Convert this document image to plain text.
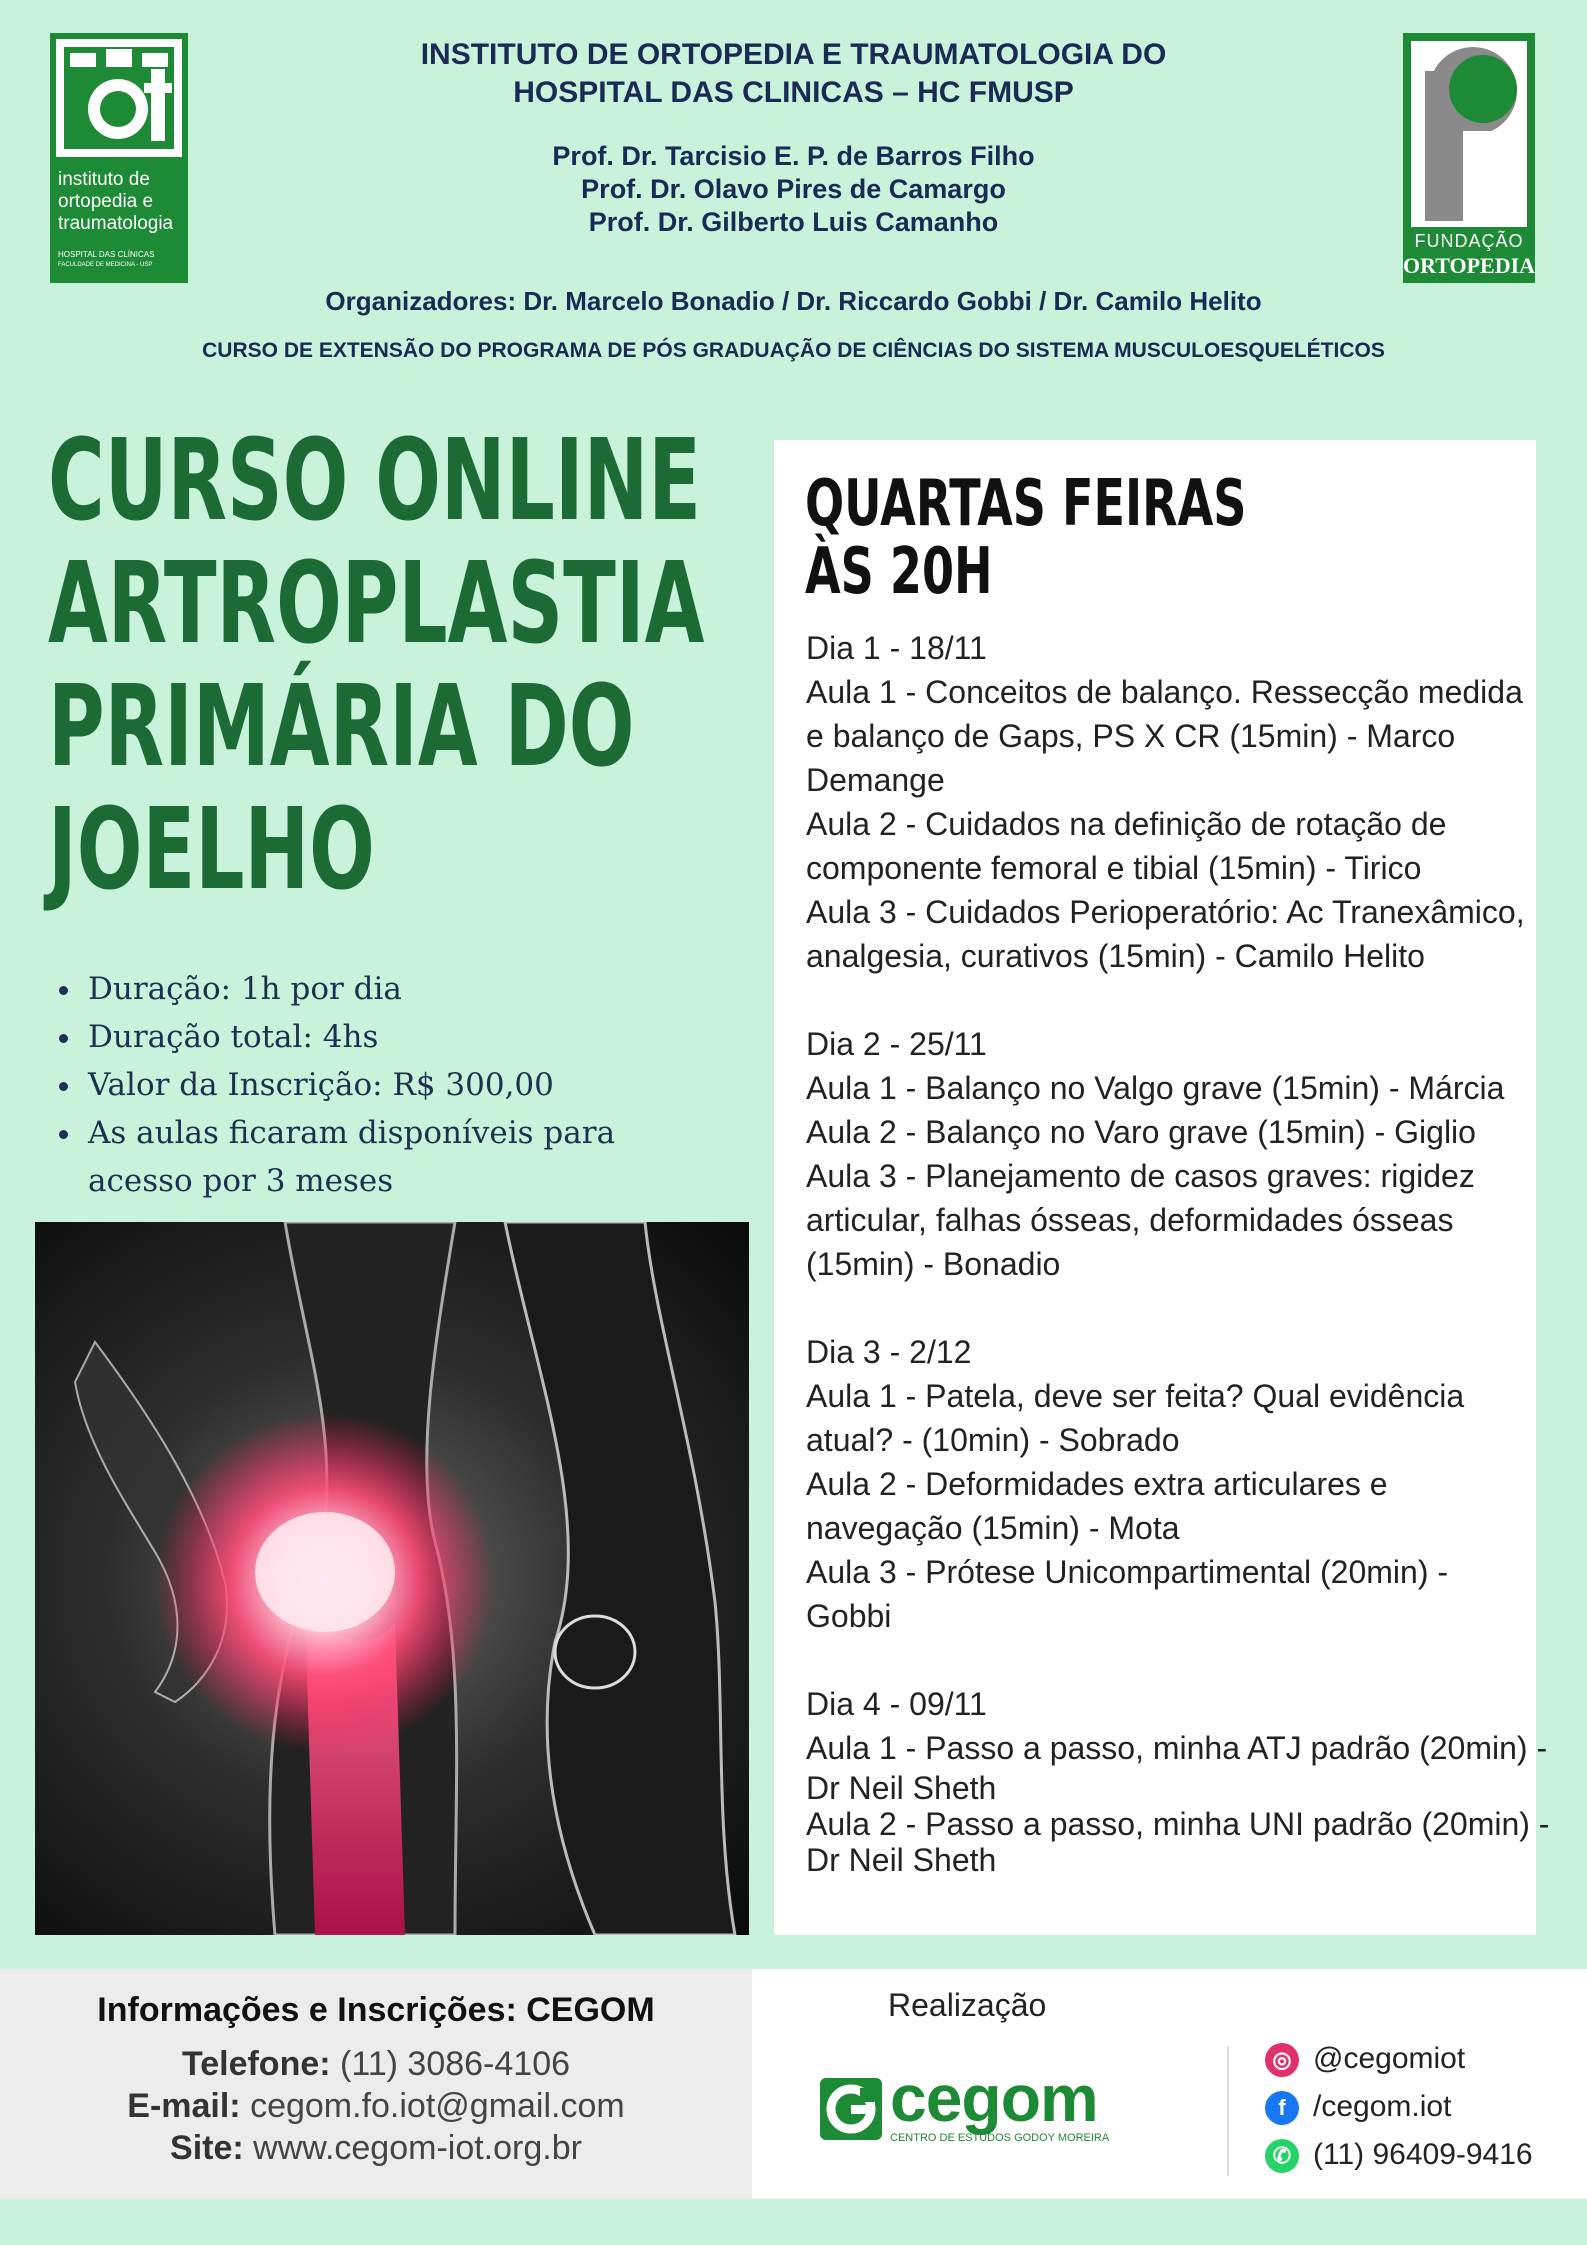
instituto de
ortopedia e
traumatologia
HOSPITAL DAS CLÍNICAS
FACULDADE DE MEDICINA - USP
INSTITUTO DE ORTOPEDIA E TRAUMATOLOGIA DO
HOSPITAL DAS CLINICAS – HC FMUSP
Prof. Dr. Tarcisio E. P. de Barros Filho
Prof. Dr. Olavo Pires de Camargo
Prof. Dr. Gilberto Luis Camanho
Organizadores: Dr. Marcelo Bonadio / Dr. Riccardo Gobbi / Dr. Camilo Helito
CURSO DE EXTENSÃO DO PROGRAMA DE PÓS GRADUAÇÃO DE CIÊNCIAS DO SISTEMA MUSCULOESQUELÉTICOS
FUNDAÇÃO
ORTOPEDIA
CURSO ONLINE
ARTROPLASTIA
PRIMÁRIA DO
JOELHO
• Duração: 1h por dia
• Duração total: 4hs
• Valor da Inscrição: R$ 300,00
• As aulas ficaram disponíveis para acesso por 3 meses
QUARTAS FEIRAS
ÀS 20H
Dia 1 - 18/11
Aula 1 - Conceitos de balanço. Ressecção medida
e balanço de Gaps, PS X CR (15min) - Marco
Demange
Aula 2 - Cuidados na definição de rotação de
componente femoral e tibial (15min) - Tirico
Aula 3 - Cuidados Perioperatório: Ac Tranexâmico,
analgesia, curativos (15min) - Camilo Helito
Dia 2 - 25/11
Aula 1 - Balanço no Valgo grave (15min) - Márcia
Aula 2 - Balanço no Varo grave (15min) - Giglio
Aula 3 - Planejamento de casos graves: rigidez
articular, falhas ósseas, deformidades ósseas
(15min) - Bonadio
Dia 3 - 2/12
Aula 1 - Patela, deve ser feita? Qual evidência
atual? - (10min) - Sobrado
Aula 2 - Deformidades extra articulares e
navegação (15min) - Mota
Aula 3 - Prótese Unicompartimental (20min) -
Gobbi
Dia 4 - 09/11
Aula 1 - Passo a passo, minha ATJ padrão (20min) -
Dr Neil Sheth
Aula 2 - Passo a passo, minha UNI padrão (20min) -
Dr Neil Sheth
Informações e Inscrições: CEGOM
Telefone: (11) 3086-4106
E-mail: cegom.fo.iot@gmail.com
Site: www.cegom-iot.org.br
Realização
cegom
CENTRO DE ESTUDOS GODOY MOREIRA
◎ @cegomiot
f /cegom.iot
✆ (11) 96409-9416
